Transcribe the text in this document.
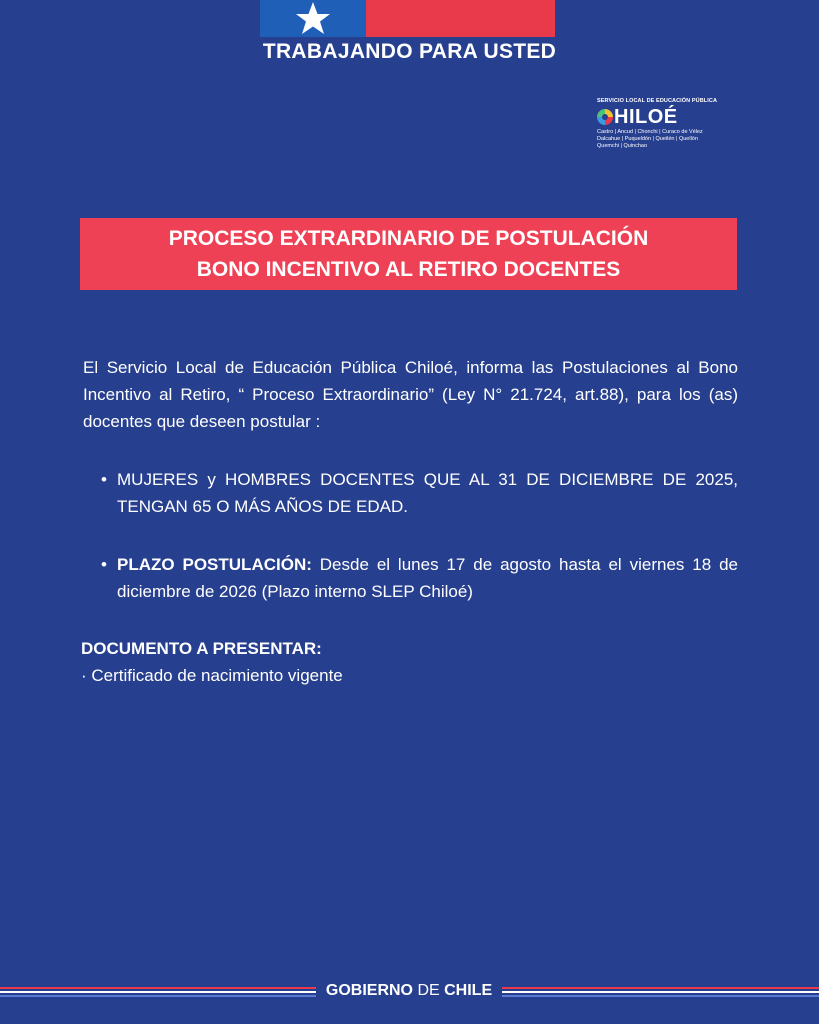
TRABAJANDO PARA USTED
SERVICIO LOCAL DE EDUCACIÓN PÚBLICA
HILOÉ
Castro | Ancud | Chonchi | Curaco de Vélez
Dalcahue | Puqueldón | Queilén | Quellón
Quemchi | Quinchao
PROCESO EXTRARDINARIO DE POSTULACIÓN
BONO INCENTIVO AL RETIRO DOCENTES

El Servicio Local de Educación Pública Chiloé, informa las Postulaciones al Bono Incentivo al Retiro, “ Proceso Extraordinario” (Ley N° 21.724, art.88), para los (as) docentes que deseen postular :

• MUJERES y HOMBRES DOCENTES QUE AL 31 DE DICIEMBRE DE 2025, TENGAN 65 O MÁS AÑOS DE EDAD.
• PLAZO POSTULACIÓN: Desde el lunes 17 de agosto hasta el viernes 18 de diciembre de 2026 (Plazo interno SLEP Chiloé)
DOCUMENTO A PRESENTAR:
· Certificado de nacimiento vigente
GOBIERNO DE CHILE
